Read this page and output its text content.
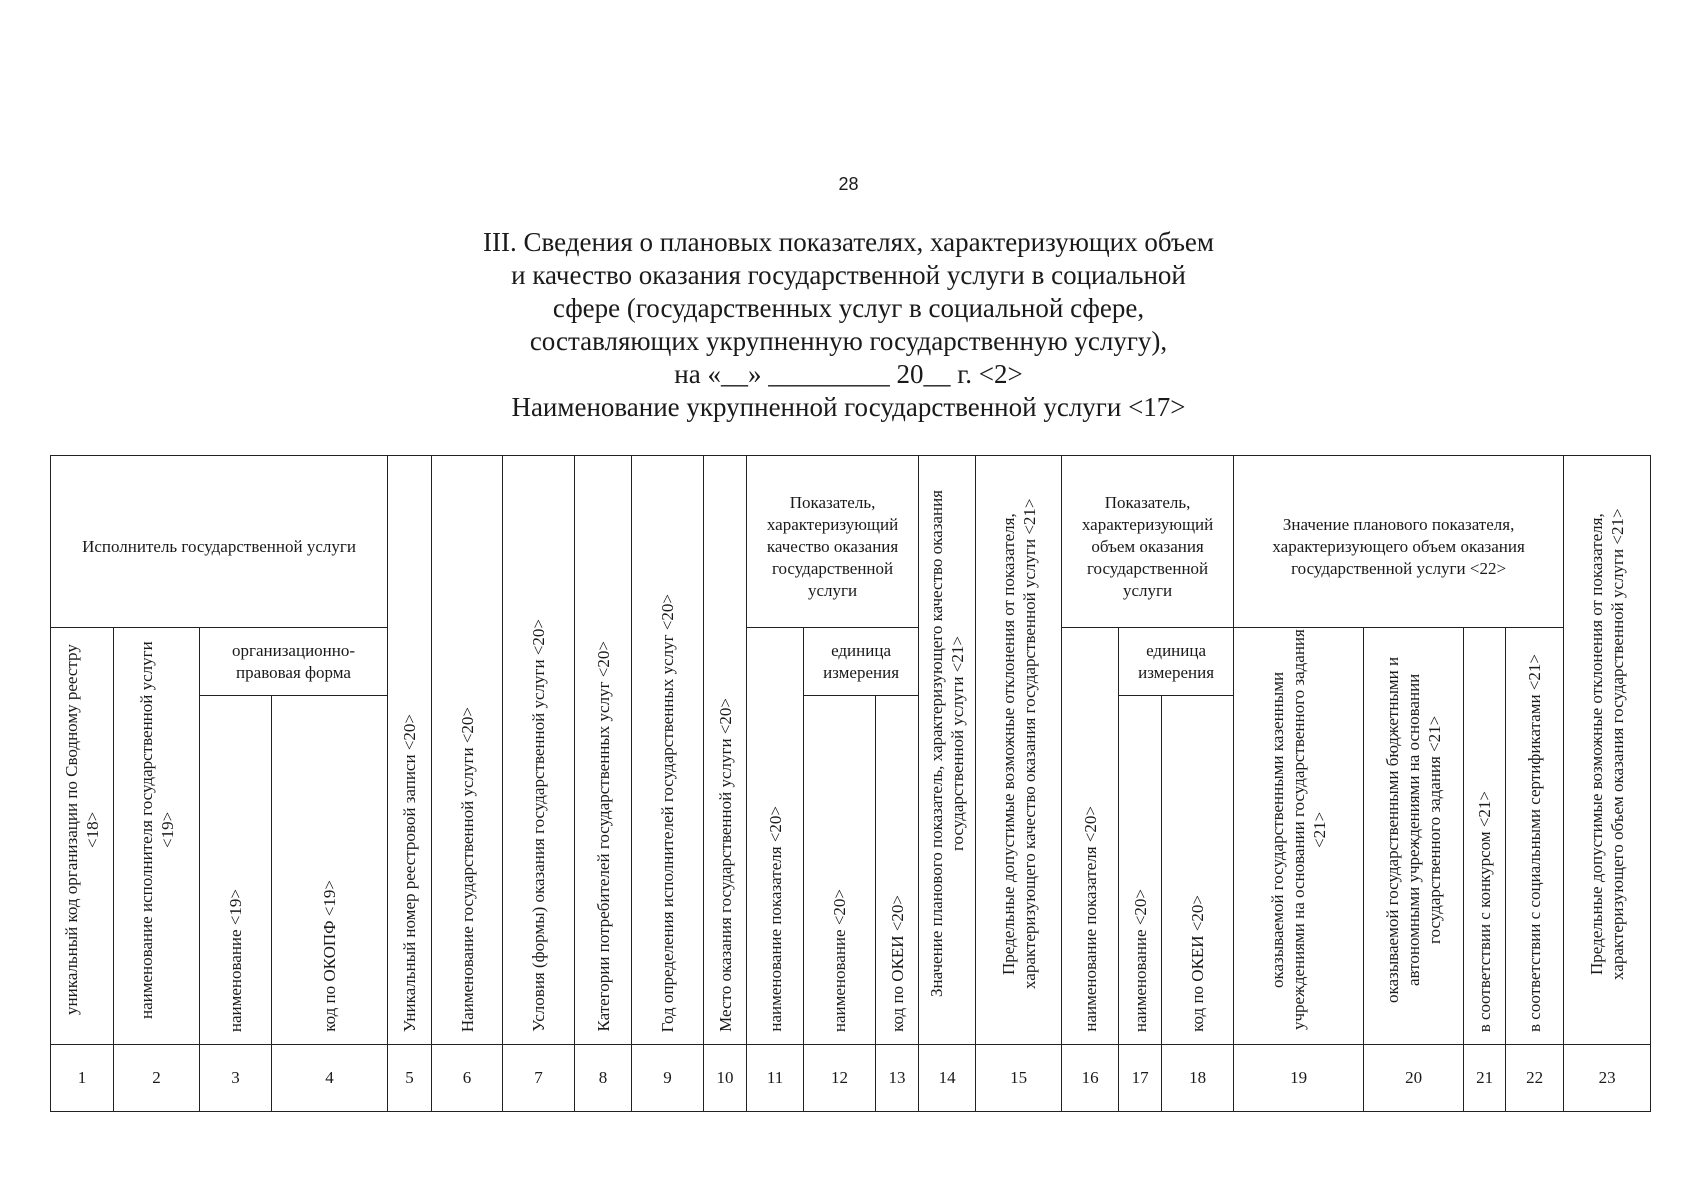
28
III. Сведения о плановых показателях, характеризующих объем
и качество оказания государственной услуги в социальной
сфере (государственных услуг в социальной сфере,
составляющих укрупненную государственную услугу),
на «__» _________ 20__ г. <2>
Наименование укрупненной государственной услуги <17>
Исполнитель государственной услуги				Уникальный номер реестровой записи <20>	Наименование государственной услуги <20>	Условия (формы) оказания государственной услуги <20>	Категории потребителей государственных услуг <20>	Год определения исполнителей государственных услуг <20>	Место оказания государственной услуги <20>	Показатель, характеризующий качество оказания государственной услуги			Значение планового показатель, характеризующего качество оказания государственной услуги <21>	Предельные допустимые возможные отклонения от показателя, характеризующего качество оказания государственной услуги <21>	Показатель, характеризующий объем оказания государственной услуги			Значение планового показателя, характеризующего объем оказания государственной услуги <22>				Предельные допустимые возможные отклонения от показателя, характеризующего объем оказания государственной услуги <21>

уникальный код организации по Сводному реестру <18>	наименование исполнителя государственной услуги <19>	организационно-правовая форма								наименование показателя <20>	единица измерения				наименование показателя <20>	единица измерения		оказываемой государственными казенными учреждениями на основании государственного задания <21>	оказываемой государственными бюджетными и автономными учреждениями на основании государственного задания <21>	в соответствии с конкурсом <21>	в соответствии с социальными сертификатами <21>	

		наименование <19>	код по ОКОПФ <19>								наименование <20>	код по ОКЕИ <20>				наименование <20>	код по ОКЕИ <20>					

1	2	3	4	5	6	7	8	9	10	11	12	13	14	15	16	17	18	19	20	21	22	23
